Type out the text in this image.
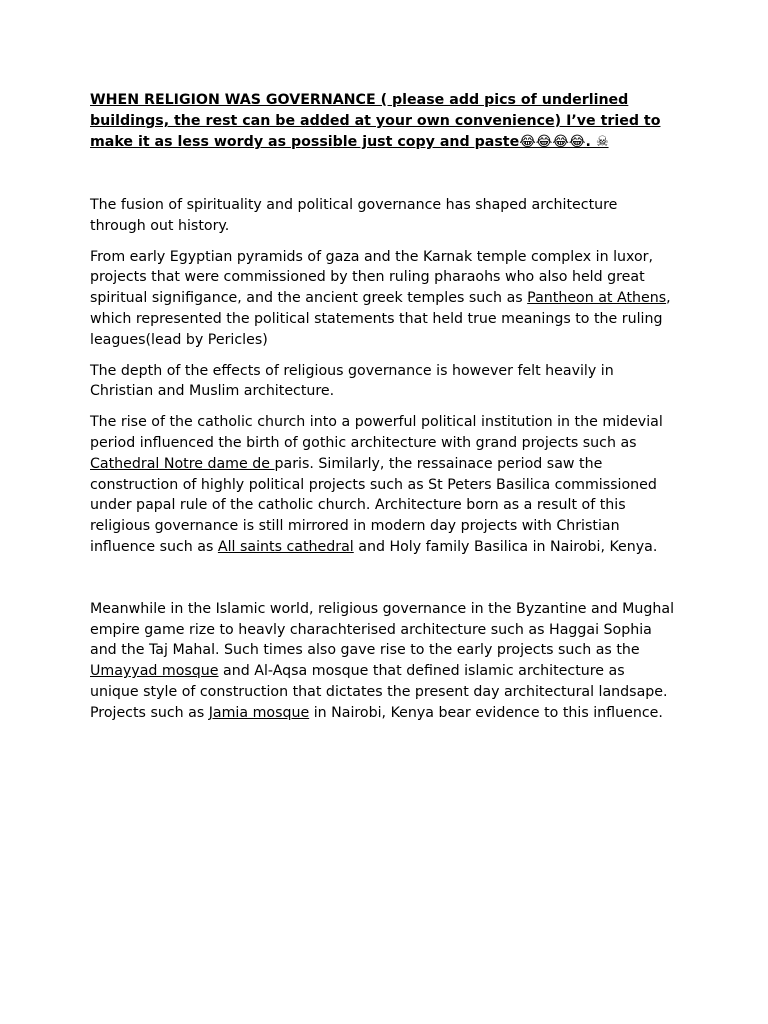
WHEN RELIGION WAS GOVERNANCE ( please add pics of underlined buildings, the rest can be added at your own convenience) I’ve tried to make it as less wordy as possible just copy and paste😂😂😂😂. ☠

The fusion of spirituality and political governance has shaped architecture through out history.

From early Egyptian pyramids of gaza and the Karnak temple complex in luxor, projects that were commissioned by then ruling pharaohs who also held great spiritual signifigance, and the ancient greek temples such as Pantheon at Athens, which represented the political statements that held true meanings to the ruling leagues(lead by Pericles)

The depth of the effects of religious governance is however felt heavily in Christian and Muslim architecture.

The rise of the catholic church into a powerful political institution in the midevial period influenced the birth of gothic architecture with grand projects such as Cathedral Notre dame de paris. Similarly, the ressainace period saw the construction of highly political projects such as St Peters Basilica commissioned under papal rule of the catholic church. Architecture born as a result of this religious governance is still mirrored in modern day projects with Christian influence such as All saints cathedral and Holy family Basilica in Nairobi, Kenya.

Meanwhile in the Islamic world, religious governance in the Byzantine and Mughal empire game rize to heavly charachterised architecture such as Haggai Sophia and the Taj Mahal. Such times also gave rise to the early projects such as the Umayyad mosque and Al-Aqsa mosque that defined islamic architecture as unique style of construction that dictates the present day architectural landsape. Projects such as Jamia mosque in Nairobi, Kenya bear evidence to this influence.
